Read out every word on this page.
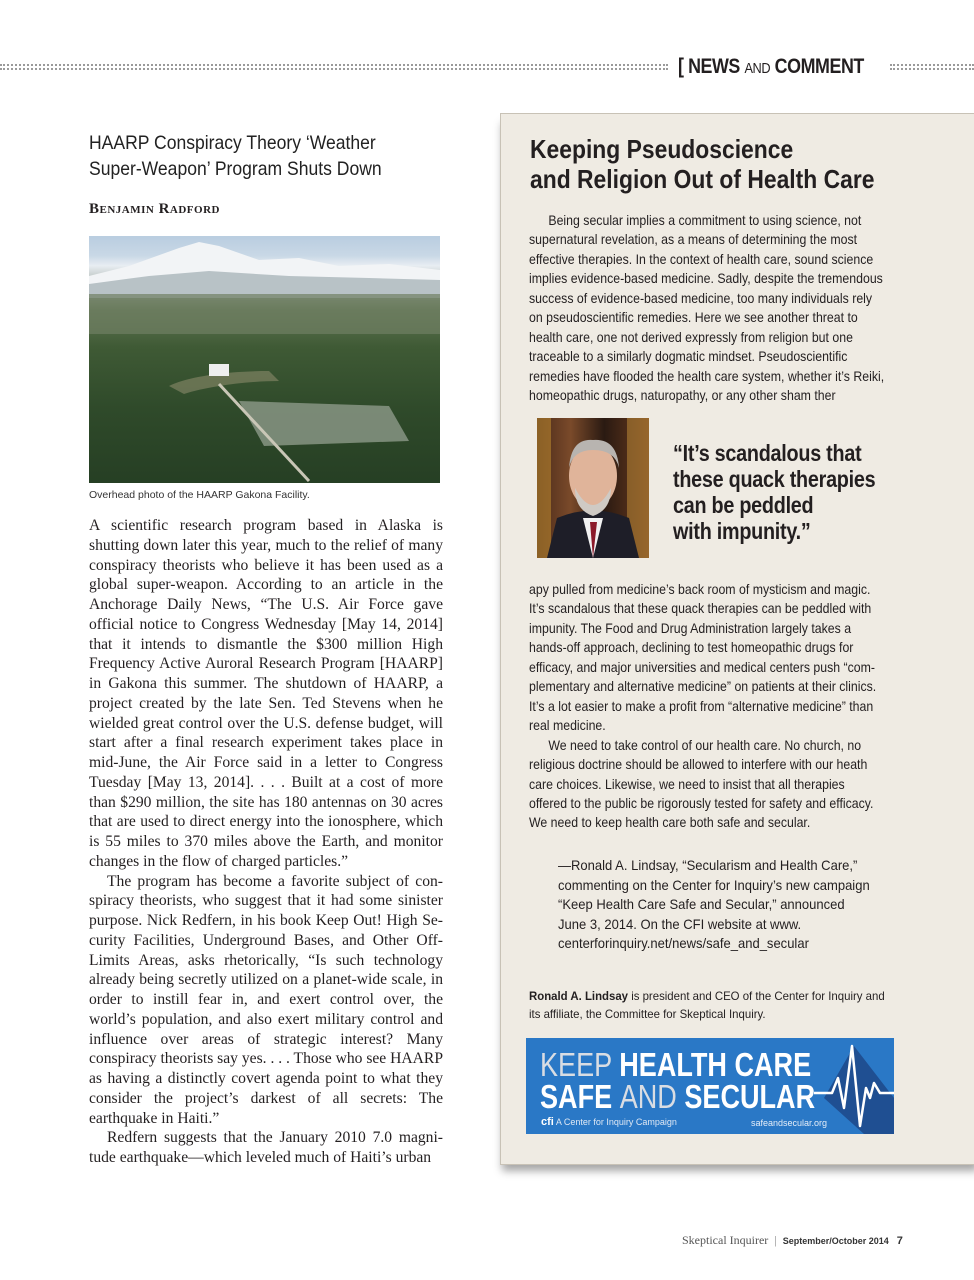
[ NEWS AND COMMENT
HAARP Conspiracy Theory ‘Weather
Super-Weapon’ Program Shuts Down
Benjamin Radford
Overhead photo of the HAARP Gakona Facility.

A scientific research program based in Alaska is shutting down later this year, much to the relief of many conspiracy theorists who believe it has been used as a global super-weapon. According to an article in the Anchorage Daily News, “The U.S. Air Force gave official notice to Congress Wednesday [May 14, 2014] that it intends to dismantle the $300 million High Frequency Active Auroral Research Program [HAARP] in Gakona this summer. The shutdown of HAARP, a project created by the late Sen. Ted Stevens when he wielded great control over the U.S. defense budget, will start after a final research experiment takes place in mid-June, the Air Force said in a letter to Congress Tuesday [May 13, 2014]. . . . Built at a cost of more than $290 million, the site has 180 antennas on 30 acres that are used to direct energy into the ionosphere, which is 55 miles to 370 miles above the Earth, and monitor changes in the flow of charged particles.”

The program has become a favorite subject of conspiracy theorists, who suggest that it had some sinister purpose. Nick Redfern, in his book Keep Out! High Security Facilities, Underground Bases, and Other Off-Limits Areas, asks rhetorically, “Is such technology already being secretly utilized on a planet-wide scale, in order to instill fear in, and exert control over, the world’s population, and also exert military control and influence over areas of strategic interest? Many conspiracy theorists say yes. . . . Those who see HAARP as having a distinctly covert agenda point to what they consider the project’s darkest of all secrets: The earthquake in Haiti.”

Redfern suggests that the January 2010 7.0 magnitude earthquake—which leveled much of Haiti’s urban

Keeping Pseudoscience
and Religion Out of Health Care

Being secular implies a commitment to using science, not supernatural revelation, as a means of determining the most effective therapies. In the context of health care, sound science implies evidence-based medicine. Sadly, despite the tremendous success of evidence-based medicine, too many individuals rely on pseudoscientific remedies. Here we see another threat to health care, one not derived expressly from religion but one traceable to a similarly dogmatic mindset. Pseudoscientific remedies have flooded the health care system, whether it’s Reiki, homeopathic drugs, naturopathy, or any other sham ther

“It’s scandalous that
these quack therapies
can be peddled
with impunity.”

apy pulled from medicine’s back room of mysticism and magic. It’s scandalous that these quack therapies can be peddled with impunity. The Food and Drug Administration largely takes a hands-off approach, declining to test homeopathic drugs for efficacy, and major universities and medical centers push “complementary and alternative medicine” on patients at their clinics. It’s a lot easier to make a profit from “alternative medicine” than real medicine.

We need to take control of our health care. No church, no religious doctrine should be allowed to interfere with our heath care choices. Likewise, we need to insist that all therapies offered to the public be rigorously tested for safety and efficacy. We need to keep health care both safe and secular.

—Ronald A. Lindsay, “Secularism and Health Care,” commenting on the Center for Inquiry’s new campaign “Keep Health Care Safe and Secular,” announced June 3, 2014. On the CFI website at www.​centerforinquiry.net/news/safe_and_secular
Ronald A. Lindsay is president and CEO of the Center for Inquiry and its affiliate, the Committee for Skeptical Inquiry.
KEEP HEALTH CARE
SAFE AND SECULAR
cfi A Center for Inquiry Campaign	safeandsecular.org
Skeptical Inquirer | September/October 2014 7
